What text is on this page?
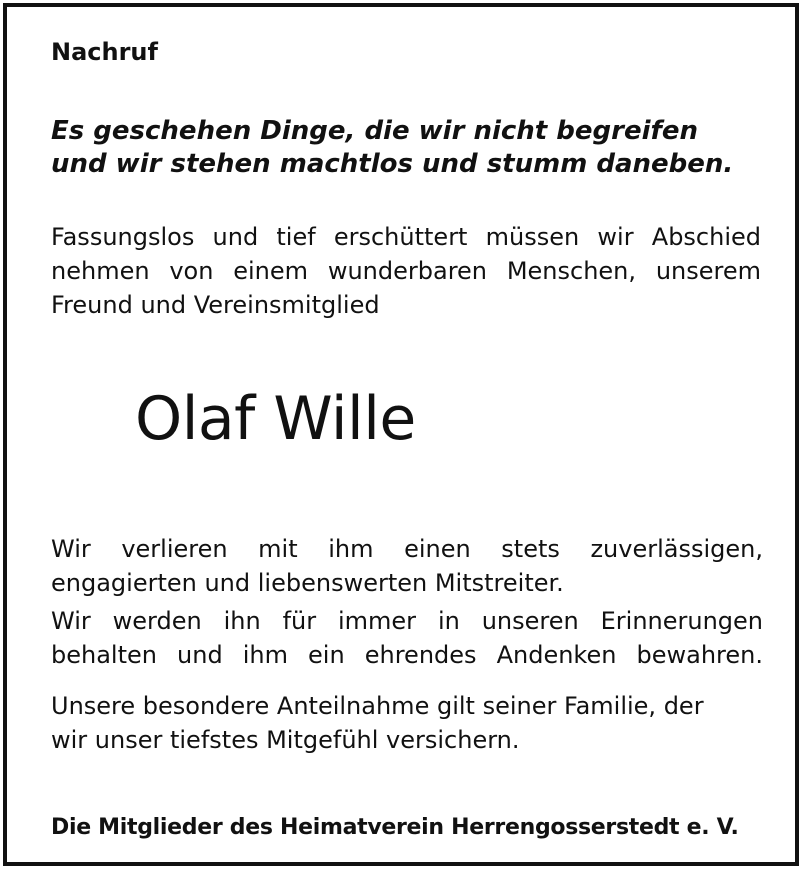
Nachruf
Es geschehen Dinge, die wir nicht begreifen
und wir stehen machtlos und stumm daneben.
Fassungslos und tief erschüttert müssen wir Abschied
nehmen von einem wunderbaren Menschen, unserem
Freund und Vereinsmitglied
Olaf Wille
Wir verlieren mit ihm einen stets zuverlässigen,
engagierten und liebenswerten Mitstreiter.
Wir werden ihn für immer in unseren Erinnerungen
behalten und ihm ein ehrendes Andenken bewahren.
Unsere besondere Anteilnahme gilt seiner Familie, der
wir unser tiefstes Mitgefühl versichern.
Die Mitglieder des Heimatverein Herrengosserstedt e. V.
